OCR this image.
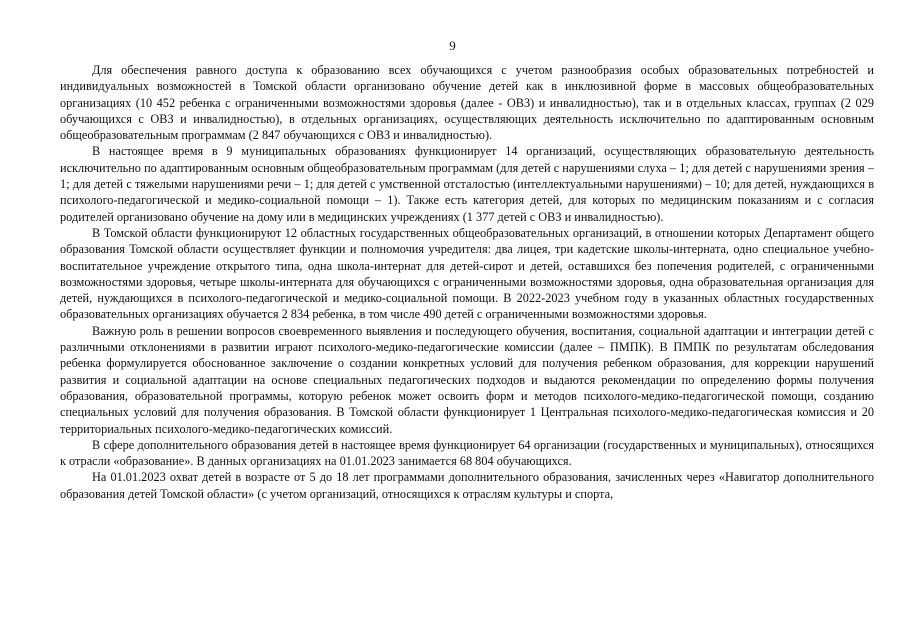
9

Для обеспечения равного доступа к образованию всех обучающихся с учетом разнообразия особых образовательных потребностей и индивидуальных возможностей в Томской области организовано обучение детей как в инклюзивной форме в массовых общеобразовательных организациях (10 452 ребенка с ограниченными возможностями здоровья (далее - ОВЗ) и инвалидностью), так и в отдельных классах, группах (2 029 обучающихся с ОВЗ и инвалидностью), в отдельных организациях, осуществляющих деятельность исключительно по адаптированным основным общеобразовательным программам (2 847 обучающихся с ОВЗ и инвалидностью).

В настоящее время в 9 муниципальных образованиях функционирует 14 организаций, осуществляющих образовательную деятельность исключительно по адаптированным основным общеобразовательным программам (для детей с нарушениями слуха – 1; для детей с нарушениями зрения – 1; для детей с тяжелыми нарушениями речи – 1; для детей с умственной отсталостью (интеллектуальными нарушениями) – 10; для детей, нуждающихся в психолого-педагогической и медико-социальной помощи – 1). Также есть категория детей, для которых по медицинским показаниям и с согласия родителей организовано обучение на дому или в медицинских учреждениях (1 377 детей с ОВЗ и инвалидностью).

В Томской области функционируют 12 областных государственных общеобразовательных организаций, в отношении которых Департамент общего образования Томской области осуществляет функции и полномочия учредителя: два лицея, три кадетские школы-интерната, одно специальное учебно-воспитательное учреждение открытого типа, одна школа-интернат для детей-сирот и детей, оставшихся без попечения родителей, с ограниченными возможностями здоровья, четыре школы-интерната для обучающихся с ограниченными возможностями здоровья, одна образовательная организация для детей, нуждающихся в психолого-педагогической и медико-социальной помощи. В 2022-2023 учебном году в указанных областных государственных образовательных организациях обучается 2 834 ребенка, в том числе 490 детей с ограниченными возможностями здоровья.

Важную роль в решении вопросов своевременного выявления и последующего обучения, воспитания, социальной адаптации и интеграции детей с различными отклонениями в развитии играют психолого-медико-педагогические комиссии (далее – ПМПК). В ПМПК по результатам обследования ребенка формулируется обоснованное заключение о создании конкретных условий для получения ребенком образования, для коррекции нарушений развития и социальной адаптации на основе специальных педагогических подходов и выдаются рекомендации по определению формы получения образования, образовательной программы, которую ребенок может освоить форм и методов психолого-медико-педагогической помощи, созданию специальных условий для получения образования. В Томской области функционирует 1 Центральная психолого-медико-педагогическая комиссия и 20 территориальных психолого-медико-педагогических комиссий.

В сфере дополнительного образования детей в настоящее время функционирует 64 организации (государственных и муниципальных), относящихся к отрасли «образование». В данных организациях на 01.01.2023 занимается 68 804 обучающихся.

На 01.01.2023 охват детей в возрасте от 5 до 18 лет программами дополнительного образования, зачисленных через «Навигатор дополнительного образования детей Томской области» (с учетом организаций, относящихся к отраслям культуры и спорта,
